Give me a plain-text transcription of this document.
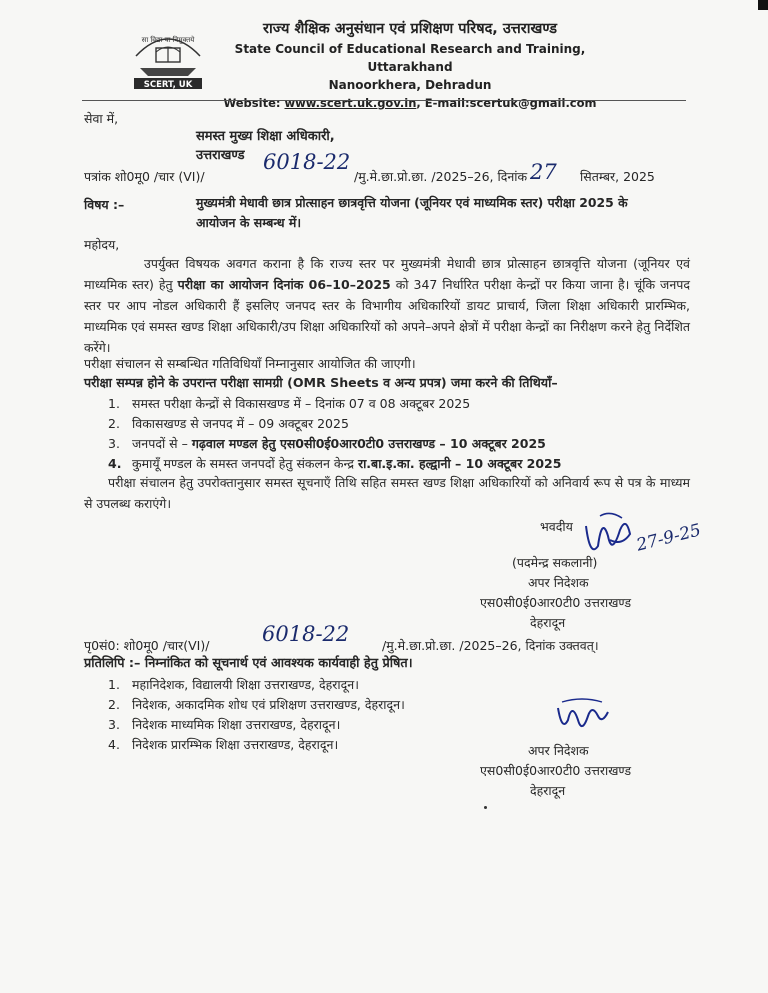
सा विद्या या विमुक्तये
SCERT, UK
राज्य शैक्षिक अनुसंधान एवं प्रशिक्षण परिषद, उत्तराखण्ड
State Council of Educational Research and Training, Uttarakhand
Nanoorkhera, Dehradun
Website: www.scert.uk.gov.in, E-mail:scertuk@gmail.com
सेवा में,
समस्त मुख्य शिक्षा अधिकारी,
उत्तराखण्ड
पत्रांक शो0मू0 /चार (VI)/
6018-22
/मु.मे.छा.प्रो.छा. /2025–26, दिनांक 27 सितम्बर, 2025
विषय :–	मुख्यमंत्री मेधावी छात्र प्रोत्साहन छात्रवृत्ति योजना (जूनियर एवं माध्यमिक स्तर) परीक्षा 2025 के
आयोजन के सम्बन्ध में।
महोदय,
उपर्युक्त विषयक अवगत कराना है कि राज्य स्तर पर मुख्यमंत्री मेधावी छात्र प्रोत्साहन छात्रवृत्ति योजना (जूनियर एवं माध्यमिक स्तर) हेतु परीक्षा का आयोजन दिनांक 06–10–2025 को 347 निर्धारित परीक्षा केन्द्रों पर किया जाना है। चूंकि जनपद स्तर पर आप नोडल अधिकारी हैं इसलिए जनपद स्तर के विभागीय अधिकारियों डायट प्राचार्य, जिला शिक्षा अधिकारी प्रारम्भिक, माध्यमिक एवं समस्त खण्ड शिक्षा अधिकारी/उप शिक्षा अधिकारियों को अपने–अपने क्षेत्रों में परीक्षा केन्द्रों का निरीक्षण करने हेतु निर्देशित करेंगे।
परीक्षा संचालन से सम्बन्धित गतिविधियाँ निम्नानुसार आयोजित की जाएगी।
परीक्षा सम्पन्न होने के उपरान्त परीक्षा सामग्री (OMR Sheets व अन्य प्रपत्र) जमा करने की तिथियाँ–
1. समस्त परीक्षा केन्द्रों से विकासखण्ड में – दिनांक 07 व 08 अक्टूबर 2025
2. विकासखण्ड से जनपद में – 09 अक्टूबर 2025
3. जनपदों से – गढ़वाल मण्डल हेतु एस0सी0ई0आर0टी0 उत्तराखण्ड – 10 अक्टूबर 2025
4. कुमायूँ मण्डल के समस्त जनपदों हेतु संकलन केन्द्र रा.बा.इ.का. हल्द्वानी – 10 अक्टूबर 2025
परीक्षा संचालन हेतु उपरोक्तानुसार समस्त सूचनाएँ तिथि सहित समस्त खण्ड शिक्षा अधिकारियों को अनिवार्य रूप से पत्र के माध्यम से उपलब्ध कराएंगे।
भवदीय	27-9-25
(पदमेन्द्र सकलानी)
अपर निदेशक
एस0सी0ई0आर0टी0 उत्तराखण्ड
देहरादून
पृ0सं0: शो0मू0 /चार(VI)/	6018-22	/मु.मे.छा.प्रो.छा. /2025–26, दिनांक उक्तवत्।
प्रतिलिपि :– निम्नांकित को सूचनार्थ एवं आवश्यक कार्यवाही हेतु प्रेषित।
1. महानिदेशक, विद्यालयी शिक्षा उत्तराखण्ड, देहरादून।
2. निदेशक, अकादमिक शोध एवं प्रशिक्षण उत्तराखण्ड, देहरादून।
3. निदेशक माध्यमिक शिक्षा उत्तराखण्ड, देहरादून।
4. निदेशक प्रारम्भिक शिक्षा उत्तराखण्ड, देहरादून।	अपर निदेशक
एस0सी0ई0आर0टी0 उत्तराखण्ड
देहरादून
